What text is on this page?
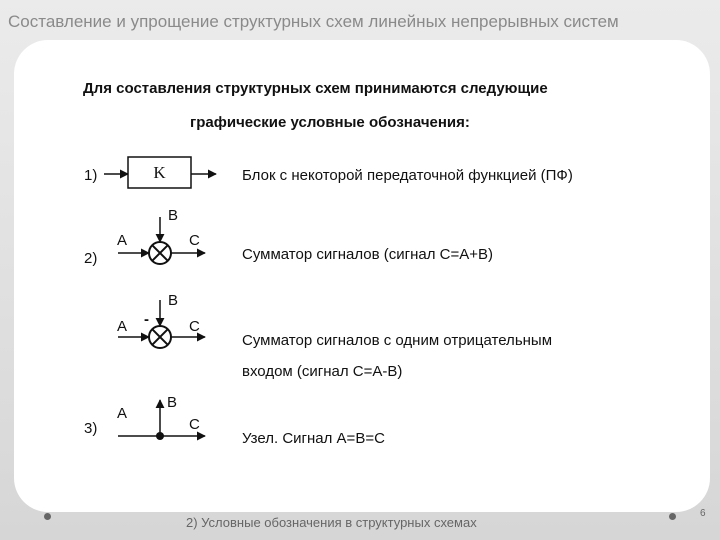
Составление и упрощение структурных схем линейных непрерывных систем
Для составления структурных схем принимаются следующие
графические условные обозначения:
1)	Блок с некоторой передаточной функцией (ПФ)
2)	Сумматор сигналов (сигнал C=A+B)
Сумматор сигналов с одним отрицательным
входом (сигнал C=A-B)
3)
Узел. Сигнал A=B=C
K
A
B
C
A -
B
C
A
B
C
2) Условные обозначения в структурных схемах
6
